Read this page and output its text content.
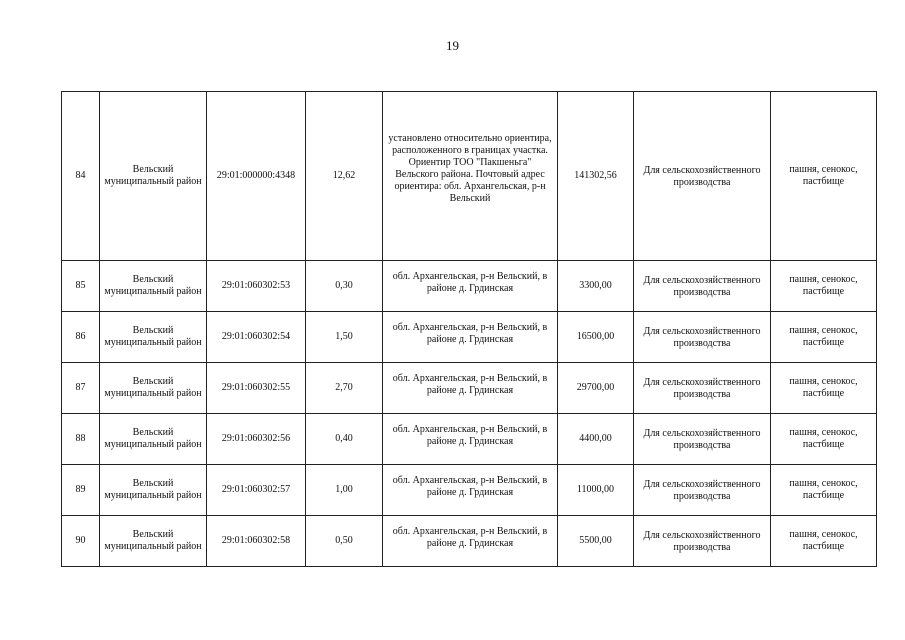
19
84	Вельский муниципальный район	29:01:000000:4348	12,62	установлено относительно ориентира, расположенного в границах участка. Ориентир ТОО "Пакшеньга" Вельского района. Почтовый адрес ориентира: обл. Архангельская, р-н Вельский	141302,56	Для сельскохозяйственного производства	пашня, сенокос, пастбище
85	Вельский муниципальный район	29:01:060302:53	0,30	обл. Архангельская, р-н Вельский, в районе д. Грдинская	3300,00	Для сельскохозяйственного производства	пашня, сенокос, пастбище
86	Вельский муниципальный район	29:01:060302:54	1,50	обл. Архангельская, р-н Вельский, в районе д. Грдинская	16500,00	Для сельскохозяйственного производства	пашня, сенокос, пастбище
87	Вельский муниципальный район	29:01:060302:55	2,70	обл. Архангельская, р-н Вельский, в районе д. Грдинская	29700,00	Для сельскохозяйственного производства	пашня, сенокос, пастбище
88	Вельский муниципальный район	29:01:060302:56	0,40	обл. Архангельская, р-н Вельский, в районе д. Грдинская	4400,00	Для сельскохозяйственного производства	пашня, сенокос, пастбище
89	Вельский муниципальный район	29:01:060302:57	1,00	обл. Архангельская, р-н Вельский, в районе д. Грдинская	11000,00	Для сельскохозяйственного производства	пашня, сенокос, пастбище
90	Вельский муниципальный район	29:01:060302:58	0,50	обл. Архангельская, р-н Вельский, в районе д. Грдинская	5500,00	Для сельскохозяйственного производства	пашня, сенокос, пастбище
